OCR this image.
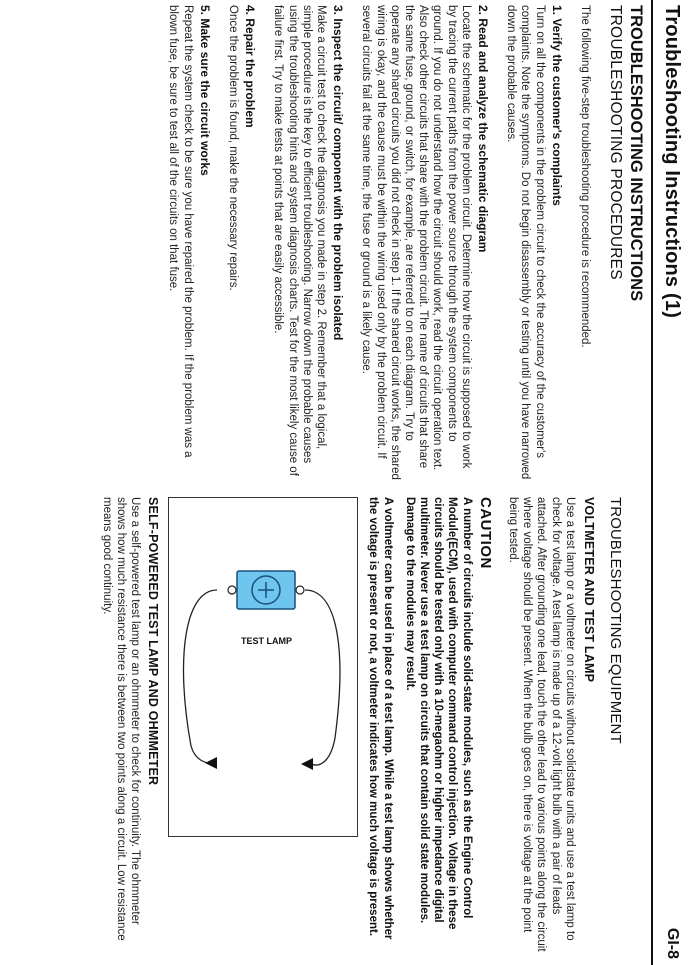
Troubleshooting Instructions (1)
GI-8
TROUBLESHOOTING INSTRUCTIONS
TROUBLESHOOTING PROCEDURES

The following five-step troubleshooting procedure is recommended.

1. Verify the customer's complaints

Turn on all the components in the problem circuit to check the accuracy of the customer's complaints. Note the symptoms. Do not begin disassembly or testing until you have narrowed down the probable causes.

2. Read and analyze the schematic diagram

Locate the schematic for the problem circuit. Determine how the circuit is supposed to work by tracing the current paths from the power source through the system components to ground. If you do not understand how the circuit should work, read the circuit operation text. Also check other circuits that share with the problem circuit. The name of circuits that share the same fuse, ground, or switch, for example, are referred to on each diagram. Try to operate any shared circuits you did not check in step 1. If the shared circuit works, the shared wiring is okay, and the cause must be within the wiring used only by the problem circuit. If several circuits fail at the same time, the fuse or ground is a likely cause.

3. Inspect the circuit/ component with the problem isolated

Make a circuit test to check the diagnosis you made in step 2. Remember that a logical, simple procedure is the key to efficient troubleshooting. Narrow down the probable causes using the troubleshooting hints and system diagnosis charts. Test for the most likely cause of failure first. Try to make tests at points that are easily accessible.

4. Repair the problem

Once the problem is found, make the necessary repairs.

5. Make sure the circuit works

Repeat the system check to be sure you have repaired the problem. If the problem was a blown fuse, be sure to test all of the circuits on that fuse.

TROUBLESHOOTING EQUIPMENT
VOLTMETER AND TEST LAMP

Use a test lamp or a voltmeter on circuits without solidstate units and use a test lamp to check for voltage. A test lamp is made up of a 12-volt light bulb with a pair of leads attached. After grounding one lead, touch the other lead to various points along the circuit where voltage should be present. When the bulb goes on, there is voltage at the point being tested.

CAUTION

A number of circuits include solid-state modules, such as the Engine Control Module(ECM), used with computer command control injection. Voltage in these circuits should be tested only with a 10-megaohm or higher impedance digital multimeter. Never use a test lamp on circuits that contain solid state modules. Damage to the modules may result.

A voltmeter can be used in place of a test lamp. While a test lamp shows whether the voltage is present or not, a voltmeter indicates how much voltage is present.

TEST LAMP
SELF-POWERED TEST LAMP AND OHMMETER

Use a self-powered test lamp or an ohmmeter to check for continuity. The ohmmeter shows how much resistance there is between two points along a circuit. Low resistance means good continuity.
